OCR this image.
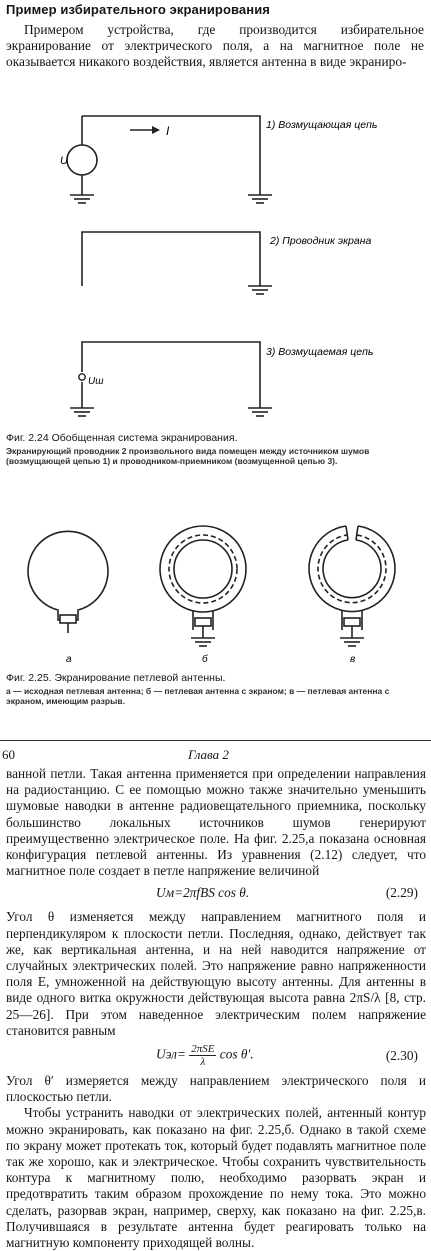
Пример избирательного экранирования
Примером устройства, где производится избирательное экранирование от электрического поля, а на магнитное поле не оказывается никакого воздействия, является антенна в виде экраниро-
I
U
Uш
1) Возмущающая цепь
2) Проводник экрана
3) Возмущаемая цепь
Фиг. 2.24 Обобщенная система экранирования.
Экранирующий проводник 2 произвольного вида помещен между источником шумов (возмущающей цепью 1) и проводником-приемником (возмущенной цепью 3).
а	б	в
Фиг. 2.25. Экранирование петлевой антенны.
а — исходная петлевая антенна; б — петлевая антенна с экраном; в — петлевая антенна с экраном, имеющим разрыв.
60	Глава 2

ванной петли. Такая антенна применяется при определении направления на радиостанцию. С ее помощью можно также значительно уменьшить шумовые наводки в антенне радиовещательного приемника, поскольку большинство локальных источников шумов генерируют преимущественно электрическое поле. На фиг. 2.25,а показана основная конфигурация петлевой антенны. Из уравнения (2.12) следует, что магнитное поле создает в петле напряжение величиной

Uм=2πfBS cos θ.	(2.29)

Угол θ изменяется между направлением магнитного поля и перпендикуляром к плоскости петли. Последняя, однако, действует так же, как вертикальная антенна, и на ней наводится напряжение от случайных электрических полей. Это напряжение равно напряженности поля E, умноженной на действующую высоту антенны. Для антенны в виде одного витка окружности действующая высота равна 2πS/λ [8, стр. 25—26]. При этом наведенное электрическим полем напряжение становится равным

$Uэл= \frac{\text{2πSE}}{\lambda}$ cos θ′.	(2.30)

Угол θ′ измеряется между направлением электрического поля и плоскостью петли.

Чтобы устранить наводки от электрических полей, антенный контур можно экранировать, как показано на фиг. 2.25,б. Однако в такой схеме по экрану может протекать ток, который будет подавлять магнитное поле так же хорошо, как и электрическое. Чтобы сохранить чувствительность контура к магнитному полю, необходимо разорвать экран и предотвратить таким образом прохождение по нему тока. Это можно сделать, разорвав экран, например, сверху, как показано на фиг. 2.25,в. Получившаяся в результате антенна будет реагировать только на магнитную компоненту приходящей волны.
